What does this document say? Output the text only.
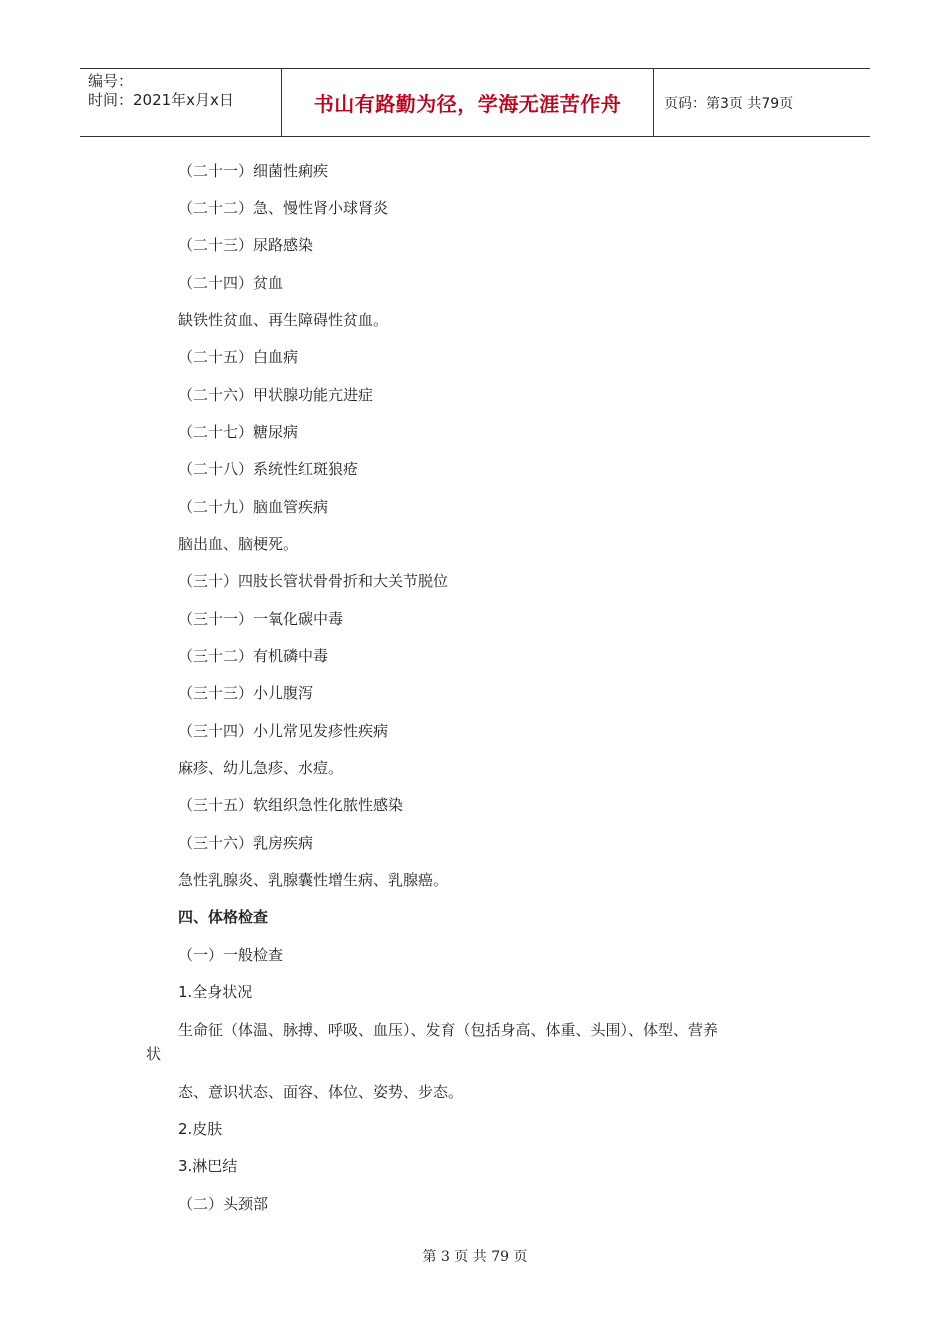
编号：
时间：2021年x月x日	书山有路勤为径，学海无涯苦作舟	页码：第3页 共79页
（二十一）细菌性痢疾
（二十二）急、慢性肾小球肾炎
（二十三）尿路感染
（二十四）贫血
缺铁性贫血、再生障碍性贫血。
（二十五）白血病
（二十六）甲状腺功能亢进症
（二十七）糖尿病
（二十八）系统性红斑狼疮
（二十九）脑血管疾病
脑出血、脑梗死。
（三十）四肢长管状骨骨折和大关节脱位
（三十一）一氧化碳中毒
（三十二）有机磷中毒
（三十三）小儿腹泻
（三十四）小儿常见发疹性疾病
麻疹、幼儿急疹、水痘。
（三十五）软组织急性化脓性感染
（三十六）乳房疾病
急性乳腺炎、乳腺囊性增生病、乳腺癌。
四、体格检查
（一）一般检查
1.全身状况
生命征（体温、脉搏、呼吸、血压）、发育（包括身高、体重、头围）、体型、营养
状
态、意识状态、面容、体位、姿势、步态。
2.皮肤
3.淋巴结
（二）头颈部
第 3 页 共 79 页
